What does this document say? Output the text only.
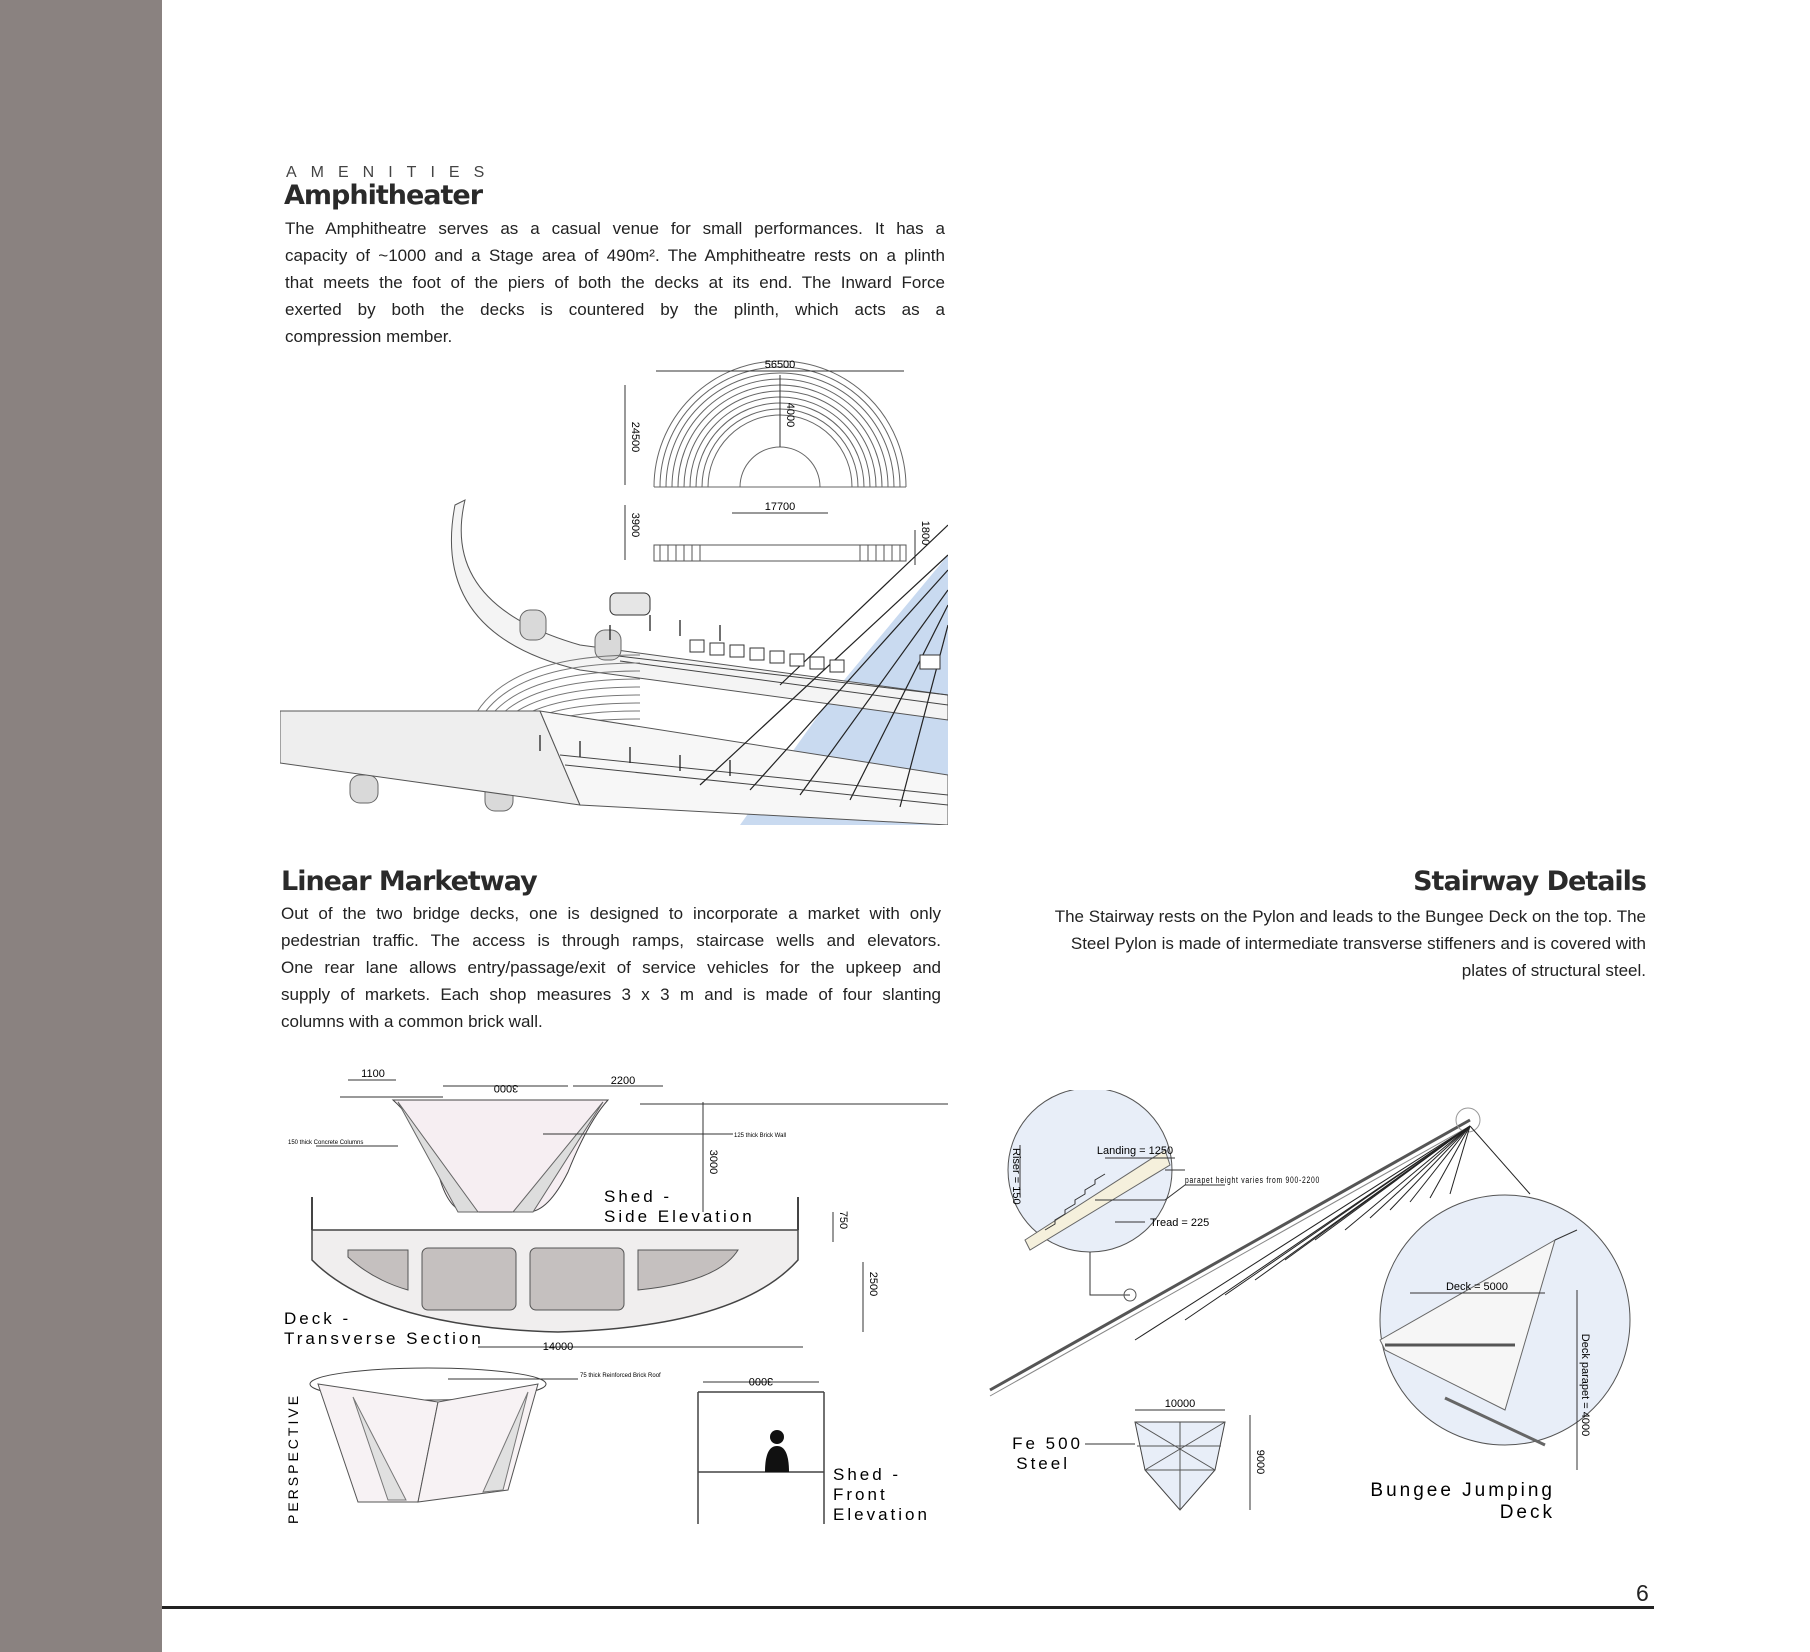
AMENITIES
Amphitheater
The Amphitheatre serves as a casual venue for small performances. It has a
capacity of ~1000 and a Stage area of 490m². The Amphitheatre rests on a plinth
that meets the foot of the piers of both the decks at its end. The Inward Force
exerted by both the decks is countered by the plinth, which acts as a
compression member.
56500
24500
4000
17700
3900	1800
Linear Marketway
Out of the two bridge decks, one is designed to incorporate a market with only
pedestrian traffic. The access is through ramps, staircase wells and elevators.
One rear lane allows entry/passage/exit of service vehicles for the upkeep and
supply of markets. Each shop measures 3 x 3 m and is made of four slanting
columns with a common brick wall.
1100
3000
2200
150 thick Concrete Columns
125 thick Brick Wall
3000
Shed -
Side Elevation	750
2500
14000
Deck -
Transverse Section
75 thick Reinforced Brick Roof
PERSPECTIVE
3000
Shed -
Front
Elevation
Stairway Details
The Stairway rests on the Pylon and leads to the Bungee Deck on the top. The
Steel Pylon is made of intermediate transverse stiffeners and is covered with
plates of structural steel.
Landing = 1250
Riser = 150
Tread = 225
parapet height varies from 900-2200
Deck = 5000
Deck parapet = 4000
10000
9000
Fe 500
Steel
Bungee Jumping
Deck
6
